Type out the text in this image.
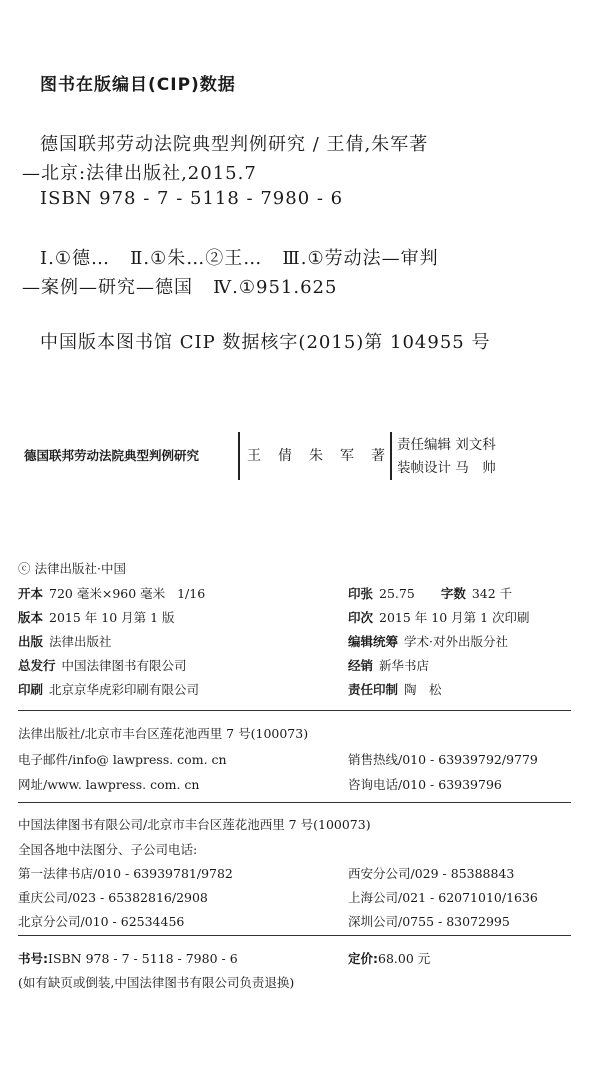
图书在版编目(CIP)数据
德国联邦劳动法院典型判例研究 / 王倩,朱军著
—北京:法律出版社,2015.7
ISBN 978 - 7 - 5118 - 7980 - 6
Ⅰ.①德…   Ⅱ.①朱…②王…   Ⅲ.①劳动法—审判
—案例—研究—德国   Ⅳ.①951.625
中国版本图书馆 CIP 数据核字(2015)第 104955 号
德国联邦劳动法院典型判例研究	王 倩 朱 军 著
责任编辑 刘文科
装帧设计 马　帅
ⓒ 法律出版社·中国
开本 720 毫米×960 毫米   1/16
版本 2015 年 10 月第 1 版
出版 法律出版社
总发行 中国法律图书有限公司
印刷 北京京华虎彩印刷有限公司
印张 25.75 字数 342 千
印次 2015 年 10 月第 1 次印刷
编辑统筹 学术·对外出版分社
经销 新华书店
责任印制 陶　松
法律出版社/北京市丰台区莲花池西里 7 号(100073)
电子邮件/info@ lawpress. com. cn
网址/www. lawpress. com. cn
销售热线/010 - 63939792/9779
咨询电话/010 - 63939796
中国法律图书有限公司/北京市丰台区莲花池西里 7 号(100073)
全国各地中法图分、子公司电话:
第一法律书店/010 - 63939781/9782
重庆公司/023 - 65382816/2908
北京分公司/010 - 62534456
西安分公司/029 - 85388843
上海公司/021 - 62071010/1636
深圳公司/0755 - 83072995
书号:ISBN 978 - 7 - 5118 - 7980 - 6	定价:68.00 元
(如有缺页或倒装,中国法律图书有限公司负责退换)
